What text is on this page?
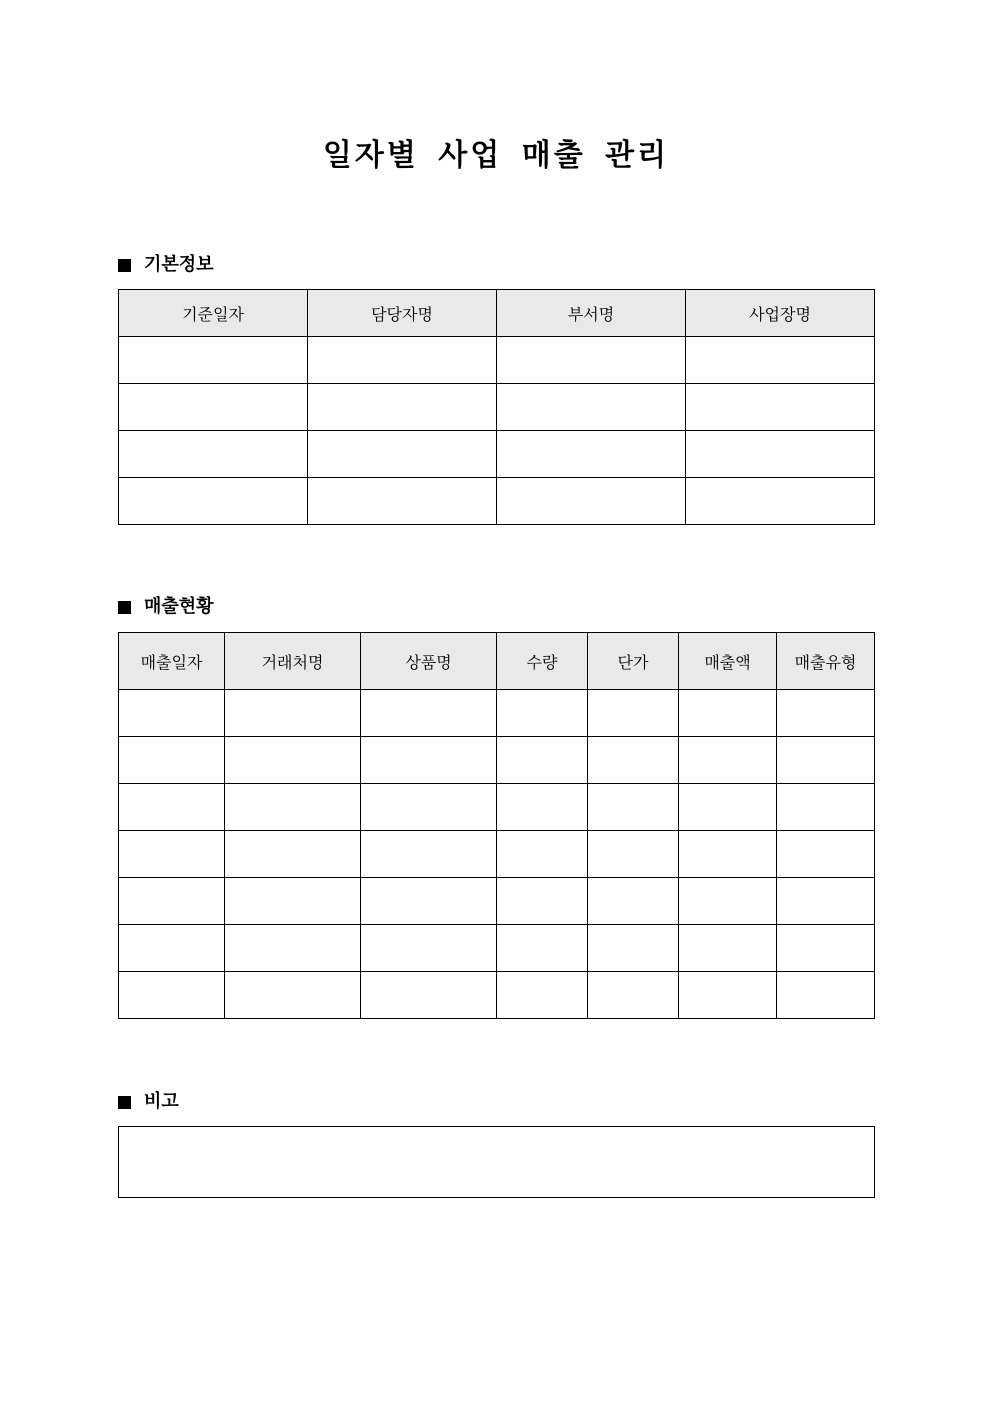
일자별 사업 매출 관리
기본정보
기준일자	담당자명	부서명	사업장명

매출현황
매출일자	거래처명	상품명	수량	단가	매출액	매출유형

비고
